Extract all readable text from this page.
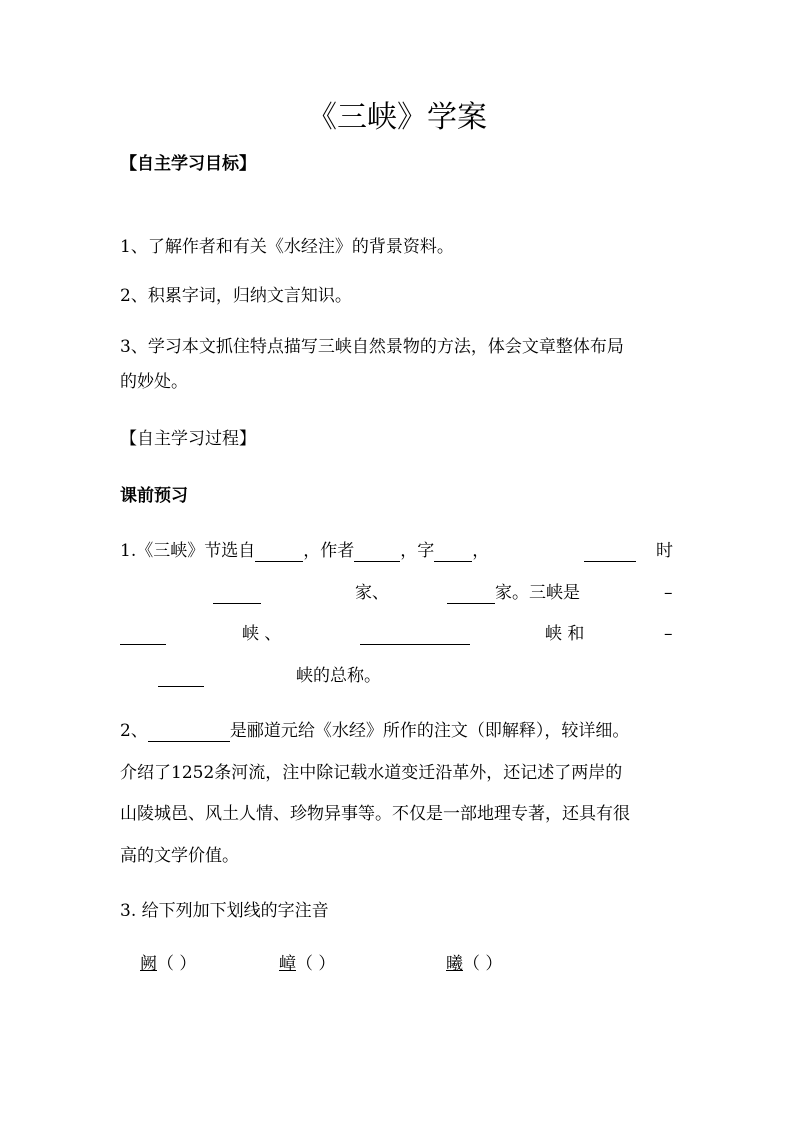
《三峡》学案
【自主学习目标】
1、了解作者和有关《水经注》的背景资料。
2、积累字词，归纳文言知识。
3、学习本文抓住特点描写三峡自然景物的方法，体会文章整体布局
的妙处。
【自主学习过程】
课前预习
1.《三峡》节选自	，作者	，字 ，	时
家、	家。三峡是	–
峡 、	峡 和	–
峡的总称。
2、	是郦道元给《水经》所作的注文（即解释），较详细。
介绍了1252条河流，注中除记载水道变迁沿革外，还记述了两岸的
山陵城邑、风土人情、珍物异事等。不仅是一部地理专著，还具有很
高的文学价值。
3. 给下列加下划线的字注音
阙（ ）	嶂（ ）	曦（ ）
